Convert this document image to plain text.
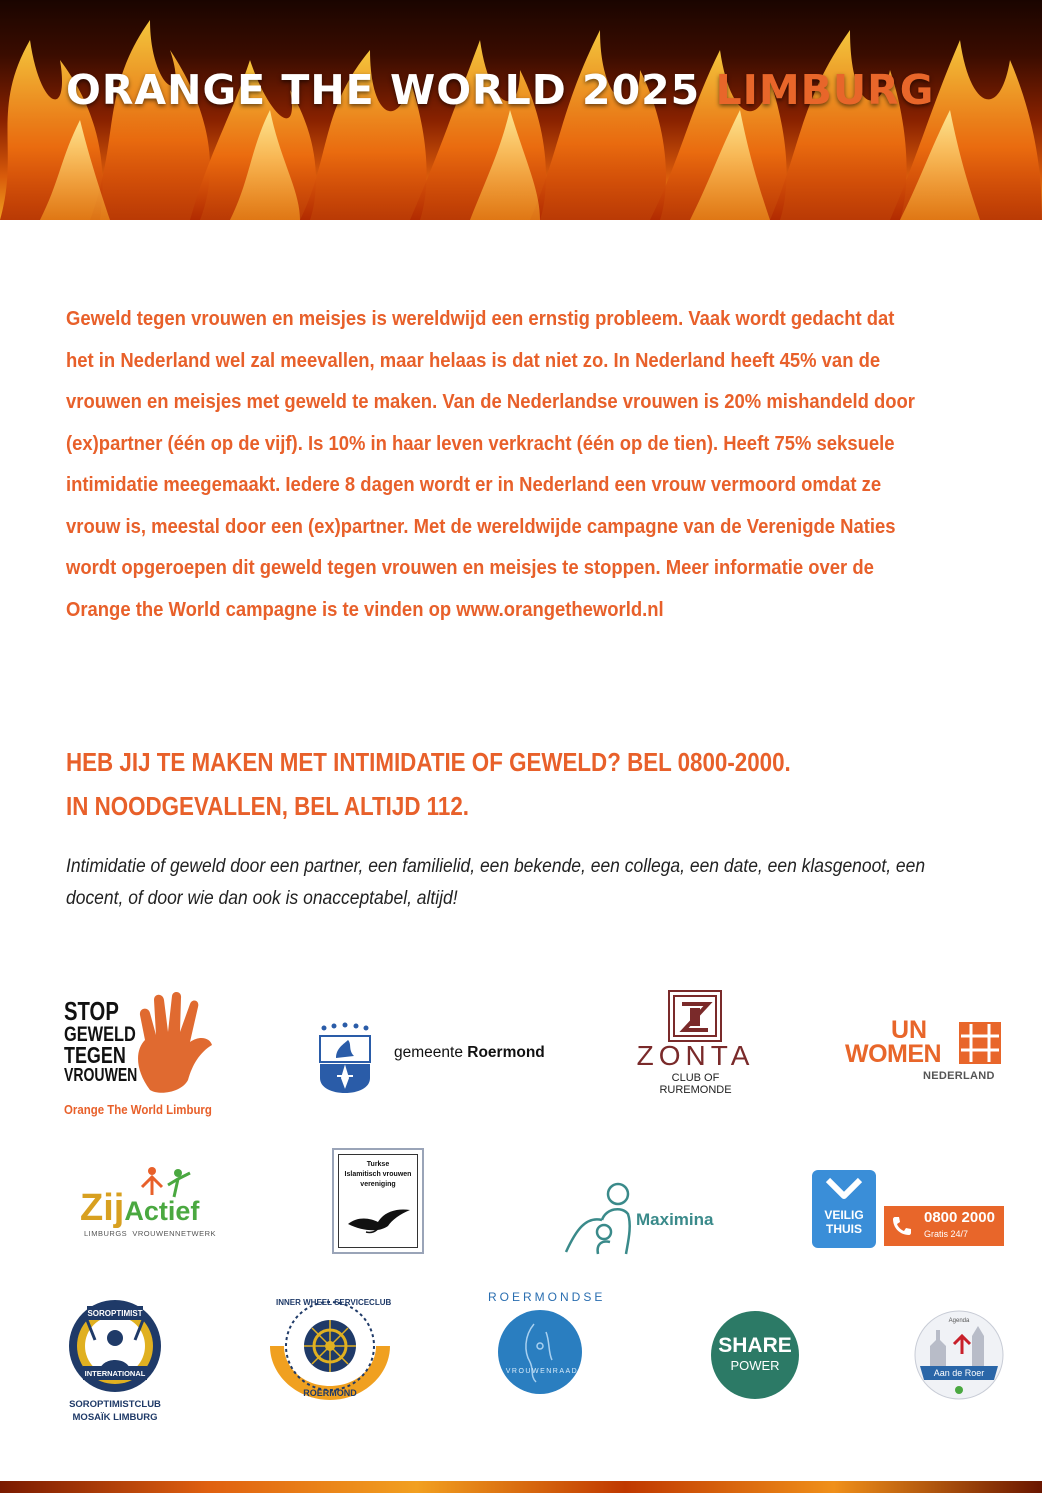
ORANGE THE WORLD 2025 LIMBURG

Geweld tegen vrouwen en meisjes is wereldwijd een ernstig probleem. Vaak wordt gedacht dat het in Nederland wel zal meevallen, maar helaas is dat niet zo. In Nederland heeft 45% van de vrouwen en meisjes met geweld te maken. Van de Nederlandse vrouwen is 20% mishandeld door (ex)partner (één op de vijf). Is 10% in haar leven verkracht (één op de tien). Heeft 75% seksuele intimidatie meegemaakt. Iedere 8 dagen wordt er in Nederland een vrouw vermoord omdat ze vrouw is, meestal door een (ex)partner. Met de wereldwijde campagne van de Verenigde Naties wordt opgeroepen dit geweld tegen vrouwen en meisjes te stoppen. Meer informatie over de Orange the World campagne is te vinden op www.orangetheworld.nl

HEB JIJ TE MAKEN MET INTIMIDATIE OF GEWELD? BEL 0800-2000.
IN NOODGEVALLEN, BEL ALTIJD 112.

Intimidatie of geweld door een partner, een familielid, een bekende, een collega, een date, een klasgenoot, een docent, of door wie dan ook is onacceptabel, altijd!

STOP
GEWELD
TEGEN
VROUWEN
Orange The World Limburg
gemeente Roermond	ZONTA
CLUB OF
RUREMONDE
UN
WOMEN
NEDERLAND
ZijActief
LIMBURGS VROUWENNETWERK
Turkse
Islamitisch vrouwen
vereniging
Maximina	VEILIG
THUIS
0800 2000
Gratis 24/7
SOROPTIMIST
INTERNATIONAL
SOROPTIMISTCLUB
MOSAÏK LIMBURG
INNER WHEEL SERVICECLUB
ROERMOND
ROERMONDSE
VROUWENRAAD
SHARE
POWER
Agenda
Aan de Roer
